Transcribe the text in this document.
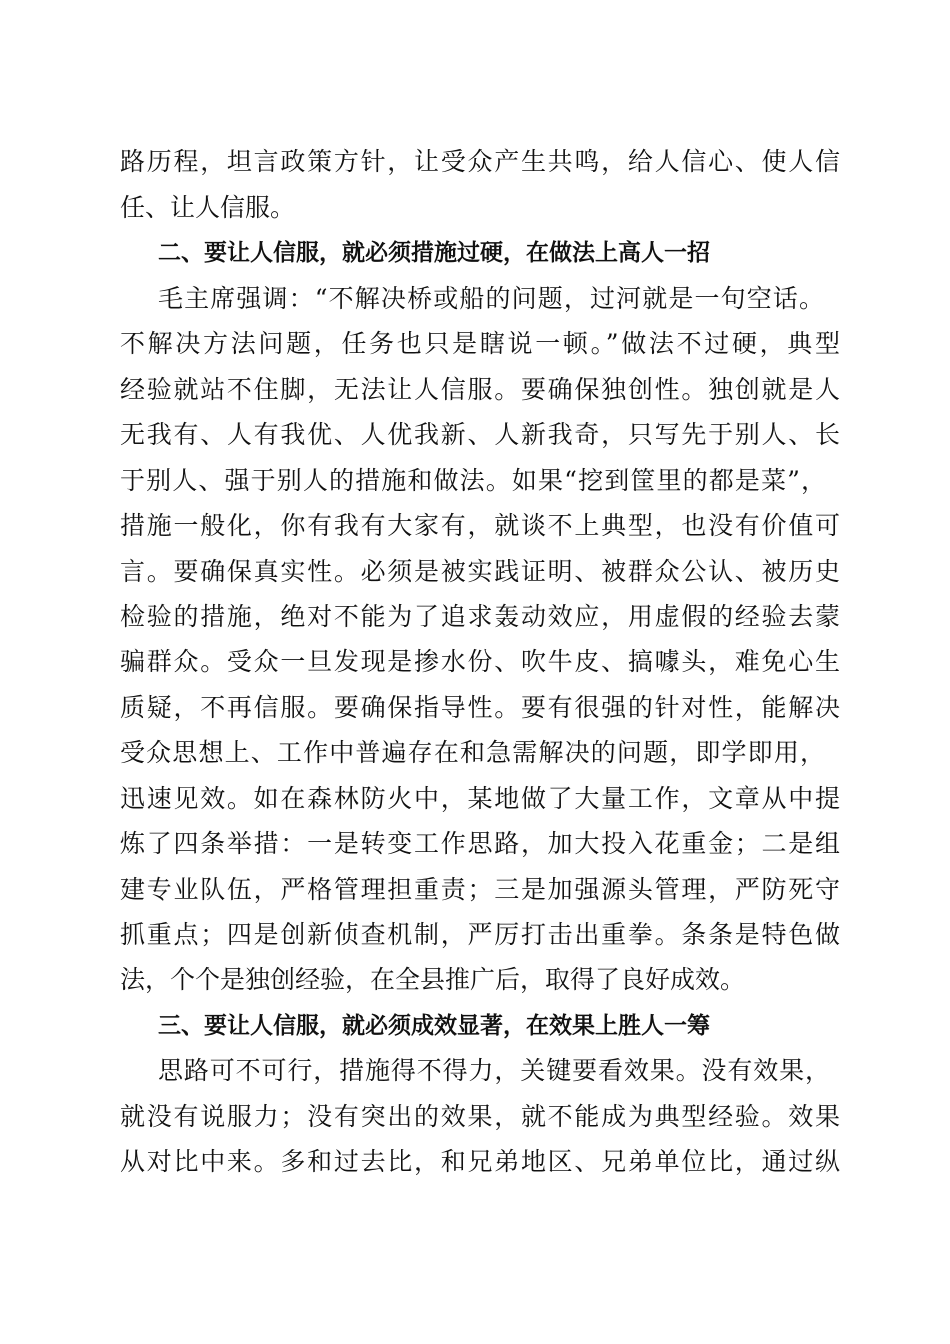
路历程，坦言政策方针，让受众产生共鸣，给人信心、使人信
任、让人信服。
二、要让人信服，就必须措施过硬，在做法上高人一招
毛主席强调：“不解决桥或船的问题，过河就是一句空话。
不解决方法问题，任务也只是瞎说一顿。”做法不过硬，典型
经验就站不住脚，无法让人信服。要确保独创性。独创就是人
无我有、人有我优、人优我新、人新我奇，只写先于别人、长
于别人、强于别人的措施和做法。如果“挖到筐里的都是菜”，
措施一般化，你有我有大家有，就谈不上典型，也没有价值可
言。要确保真实性。必须是被实践证明、被群众公认、被历史
检验的措施，绝对不能为了追求轰动效应，用虚假的经验去蒙
骗群众。受众一旦发现是掺水份、吹牛皮、搞噱头，难免心生
质疑，不再信服。要确保指导性。要有很强的针对性，能解决
受众思想上、工作中普遍存在和急需解决的问题，即学即用，
迅速见效。如在森林防火中，某地做了大量工作，文章从中提
炼了四条举措：一是转变工作思路，加大投入花重金；二是组
建专业队伍，严格管理担重责；三是加强源头管理，严防死守
抓重点；四是创新侦查机制，严厉打击出重拳。条条是特色做
法，个个是独创经验，在全县推广后，取得了良好成效。
三、要让人信服，就必须成效显著，在效果上胜人一筹
思路可不可行，措施得不得力，关键要看效果。没有效果，
就没有说服力；没有突出的效果，就不能成为典型经验。效果
从对比中来。多和过去比，和兄弟地区、兄弟单位比，通过纵
